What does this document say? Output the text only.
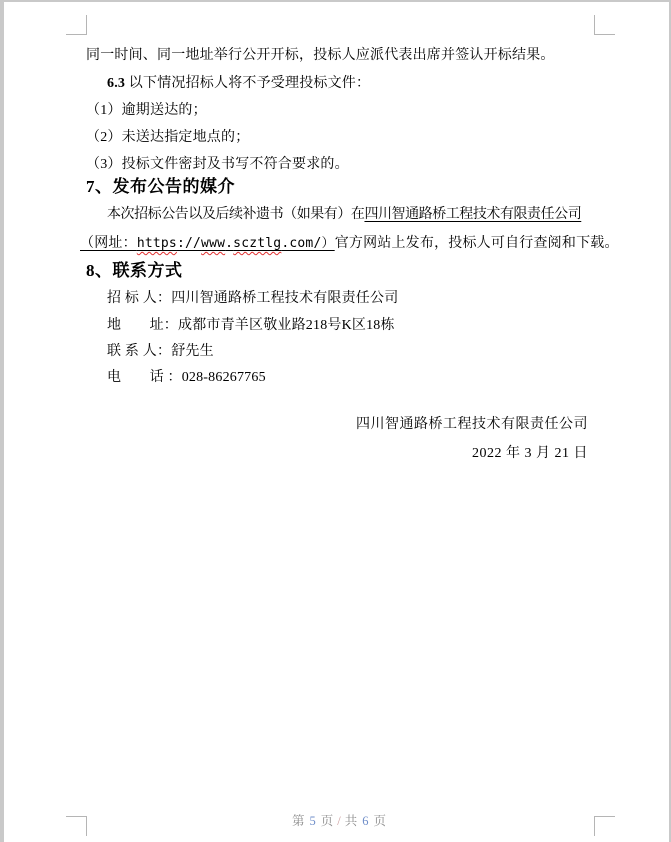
同一时间、同一地址举行公开开标，投标人应派代表出席并签认开标结果。

6.3 以下情况招标人将不予受理投标文件：

（1）逾期送达的；

（2）未送达指定地点的；

（3）投标文件密封及书写不符合要求的。

7、发布公告的媒介

本次招标公告以及后续补遗书（如果有）在四川智通路桥工程技术有限责任公司

（网址：https://www.scztlg.com/）官方网站上发布，投标人可自行查阅和下载。

8、联系方式

招 标 人：四川智通路桥工程技术有限责任公司

地　　址：成都市青羊区敬业路218号K区18栋

联 系 人：舒先生

电　　话 ：028-86267765

四川智通路桥工程技术有限责任公司

2022 年 3 月 21 日

第 5 页 / 共 6 页
